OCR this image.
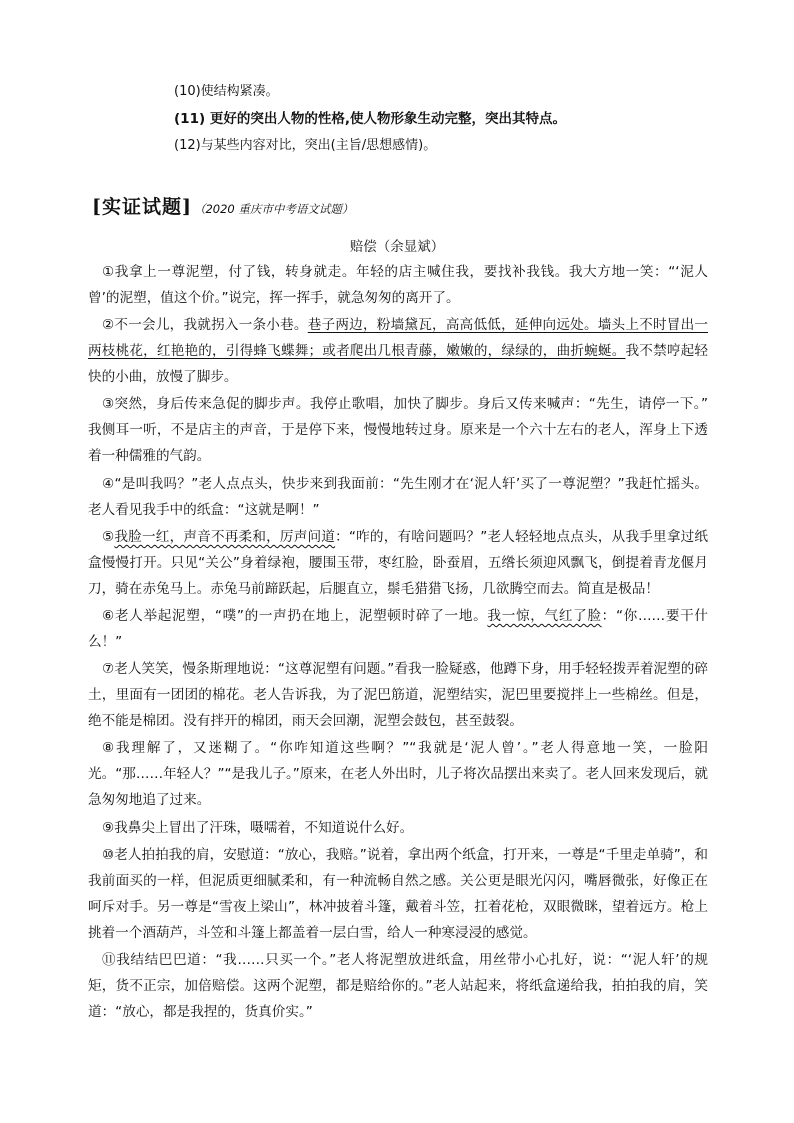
(10)使结构紧凑。
(11) 更好的突出人物的性格,使人物形象生动完整，突出其特点。
(12)与某些内容对比，突出(主旨/思想感情)。
[实证试题] （2020 重庆市中考语文试题）
赔偿（余显斌）

①我拿上一尊泥塑，付了钱，转身就走。年轻的店主喊住我，要找补我钱。我大方地一笑：“‘泥人曾’的泥塑，值这个价。”说完，挥一挥手，就急匆匆的离开了。

②不一会儿，我就拐入一条小巷。巷子两边，粉墙黛瓦，高高低低，延伸向远处。墙头上不时冒出一两枝桃花，红艳艳的，引得蜂飞蝶舞；或者爬出几根青藤，嫩嫩的，绿绿的，曲折蜿蜒。我不禁哼起轻快的小曲，放慢了脚步。

③突然，身后传来急促的脚步声。我停止歌唱，加快了脚步。身后又传来喊声：“先生，请停一下。” 我侧耳一听，不是店主的声音，于是停下来，慢慢地转过身。原来是一个六十左右的老人，浑身上下透着一种儒雅的气韵。

④“是叫我吗？”老人点点头，快步来到我面前：“先生刚才在‘泥人轩’买了一尊泥塑？”我赶忙摇头。老人看见我手中的纸盒：“这就是啊！”

⑤我脸一红，声音不再柔和，厉声问道：“咋的，有啥问题吗？”老人轻轻地点点头，从我手里拿过纸盒慢慢打开。只见“关公”身着绿袍，腰围玉带，枣红脸，卧蚕眉，五绺长须迎风飘飞，倒提着青龙偃月刀，骑在赤兔马上。赤兔马前蹄跃起，后腿直立，鬃毛猎猎飞扬，几欲腾空而去。简直是极品！

⑥老人举起泥塑，“噗”的一声扔在地上，泥塑顿时碎了一地。我一惊，气红了脸：“你……要干什么！”

⑦老人笑笑，慢条斯理地说：“这尊泥塑有问题。”看我一脸疑惑，他蹲下身，用手轻轻拨弄着泥塑的碎土，里面有一团团的棉花。老人告诉我，为了泥巴筋道，泥塑结实，泥巴里要搅拌上一些棉丝。但是，绝不能是棉团。没有拌开的棉团，雨天会回潮，泥塑会鼓包，甚至鼓裂。

⑧我理解了，又迷糊了。“你咋知道这些啊？”“我就是‘泥人曾’。”老人得意地一笑，一脸阳光。“那……年轻人？”“是我儿子。”原来，在老人外出时，儿子将次品摆出来卖了。老人回来发现后，就急匆匆地追了过来。

⑨我鼻尖上冒出了汗珠，嗫嚅着，不知道说什么好。

⑩老人拍拍我的肩，安慰道：“放心，我赔。”说着，拿出两个纸盒，打开来，一尊是“千里走单骑”，和我前面买的一样，但泥质更细腻柔和，有一种流畅自然之感。关公更是眼光闪闪，嘴唇微张，好像正在呵斥对手。另一尊是“雪夜上梁山”，林冲披着斗篷，戴着斗笠，扛着花枪，双眼微眯，望着远方。枪上挑着一个酒葫芦，斗笠和斗篷上都盖着一层白雪，给人一种寒浸浸的感觉。

⑪我结结巴巴道：“我……只买一个。”老人将泥塑放进纸盒，用丝带小心扎好，说：“‘泥人轩’的规矩，货不正宗，加倍赔偿。这两个泥塑，都是赔给你的。”老人站起来，将纸盒递给我，拍拍我的肩，笑道：“放心，都是我捏的，货真价实。”
